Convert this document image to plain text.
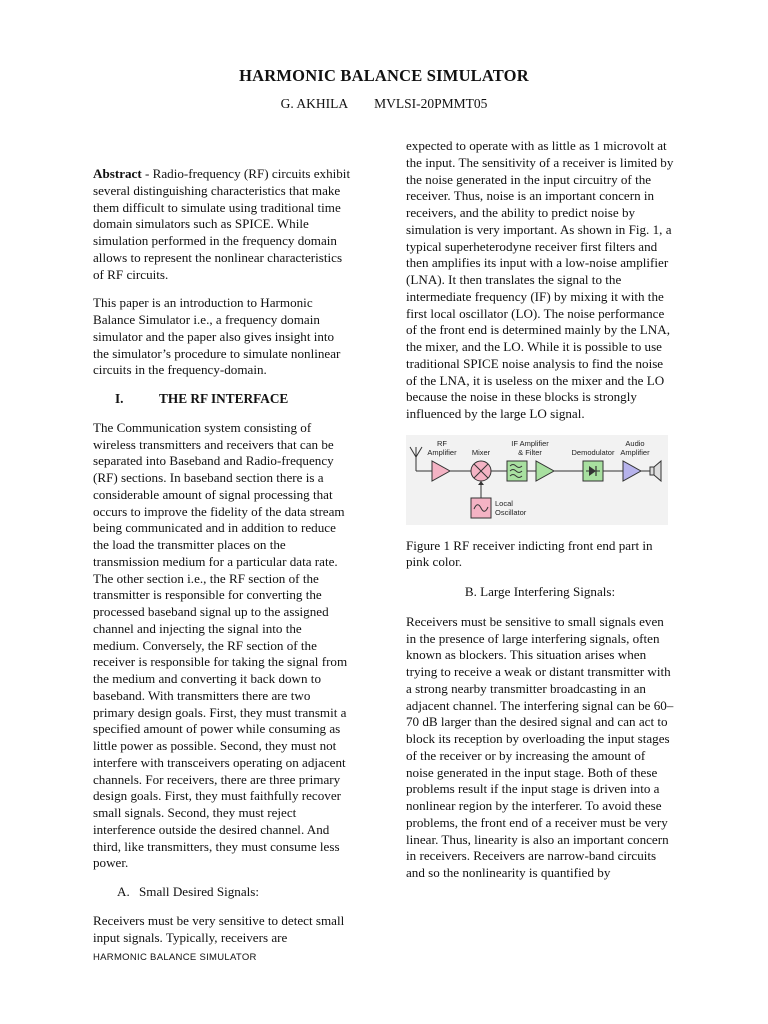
HARMONIC BALANCE SIMULATOR
G. AKHILA MVLSI-20PMMT05

Abstract - Radio-frequency (RF) circuits exhibit several distinguishing characteristics that make them difficult to simulate using traditional time domain simulators such as SPICE. While simulation performed in the frequency domain allows to represent the nonlinear characteristics of RF circuits.

This paper is an introduction to Harmonic Balance Simulator i.e., a frequency domain simulator and the paper also gives insight into the simulator’s procedure to simulate nonlinear circuits in the frequency-domain.

I.	THE RF INTERFACE

The Communication system consisting of wireless transmitters and receivers that can be separated into Baseband and Radio-frequency (RF) sections. In baseband section there is a considerable amount of signal processing that occurs to improve the fidelity of the data stream being communicated and in addition to reduce the load the transmitter places on the transmission medium for a particular data rate. The other section i.e., the RF section of the transmitter is responsible for converting the processed baseband signal up to the assigned channel and injecting the signal into the medium. Conversely, the RF section of the receiver is responsible for taking the signal from the medium and converting it back down to baseband. With transmitters there are two primary design goals. First, they must transmit a specified amount of power while consuming as little power as possible. Second, they must not interfere with transceivers operating on adjacent channels. For receivers, there are three primary design goals. First, they must faithfully recover small signals. Second, they must reject interference outside the desired channel. And third, like transmitters, they must consume less power.

A. Small Desired Signals:

Receivers must be very sensitive to detect small input signals. Typically, receivers are

expected to operate with as little as 1 microvolt at the input. The sensitivity of a receiver is limited by the noise generated in the input circuitry of the receiver. Thus, noise is an important concern in receivers, and the ability to predict noise by simulation is very important. As shown in Fig. 1, a typical superheterodyne receiver first filters and then amplifies its input with a low-noise amplifier (LNA). It then translates the signal to the intermediate frequency (IF) by mixing it with the first local oscillator (LO). The noise performance of the front end is determined mainly by the LNA, the mixer, and the LO. While it is possible to use traditional SPICE noise analysis to find the noise of the LNA, it is useless on the mixer and the LO because the noise in these blocks is strongly influenced by the large LO signal.

RF
Amplifier Mixer
Local
Oscillator
IF Amplifier
& Filter	Demodulator
Audio
Amplifier

Figure 1 RF receiver indicting front end part in pink color.

B. Large Interfering Signals:

Receivers must be sensitive to small signals even in the presence of large interfering signals, often known as blockers. This situation arises when trying to receive a weak or distant transmitter with a strong nearby transmitter broadcasting in an adjacent channel. The interfering signal can be 60–70 dB larger than the desired signal and can act to block its reception by overloading the input stages of the receiver or by increasing the amount of noise generated in the input stage. Both of these problems result if the input stage is driven into a nonlinear region by the interferer. To avoid these problems, the front end of a receiver must be very linear. Thus, linearity is also an important concern in receivers. Receivers are narrow-band circuits and so the nonlinearity is quantified by

HARMONIC BALANCE SIMULATOR
